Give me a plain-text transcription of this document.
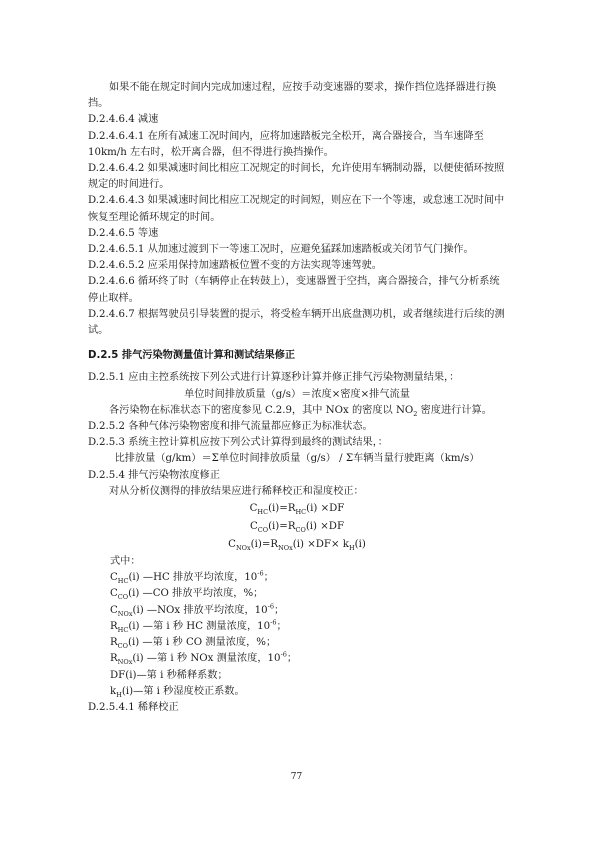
如果不能在规定时间内完成加速过程，应按手动变速器的要求，操作挡位选择器进行换挡。

D.2.4.6.4 减速

D.2.4.6.4.1 在所有减速工况时间内，应将加速踏板完全松开，离合器接合，当车速降至10km/h 左右时，松开离合器，但不得进行换挡操作。

D.2.4.6.4.2 如果减速时间比相应工况规定的时间长，允许使用车辆制动器，以便使循环按照规定的时间进行。

D.2.4.6.4.3 如果减速时间比相应工况规定的时间短，则应在下一个等速，或怠速工况时间中恢复至理论循环规定的时间。

D.2.4.6.5 等速

D.2.4.6.5.1 从加速过渡到下一等速工况时，应避免猛踩加速踏板或关闭节气门操作。

D.2.4.6.5.2 应采用保持加速踏板位置不变的方法实现等速驾驶。

D.2.4.6.6 循环终了时（车辆停止在转鼓上），变速器置于空挡，离合器接合，排气分析系统停止取样。

D.2.4.6.7 根据驾驶员引导装置的提示，将受检车辆开出底盘测功机，或者继续进行后续的测试。

D.2.5 排气污染物测量值计算和测试结果修正

D.2.5.1 应由主控系统按下列公式进行计算逐秒计算并修正排气污染物测量结果，：

单位时间排放质量（g/s）＝浓度×密度×排气流量

各污染物在标准状态下的密度参见 C.2.9，其中 NOx 的密度以 $NO_2$ 密度进行计算。

D.2.5.2 各种气体污染物密度和排气流量都应修正为标准状态。

D.2.5.3 系统主控计算机应按下列公式计算得到最终的测试结果，：

比排放量（g/km）＝Σ单位时间排放质量（g/s） / Σ车辆当量行驶距离（km/s）

D.2.5.4 排气污染物浓度修正

对从分析仪测得的排放结果应进行稀释校正和湿度校正：

$C_{HC}(i)=R_{HC}(i) \times DF$
$C_{CO}(i)=R_{CO}(i) \times DF$
$C_{NOx}(i)=R_{NOx}(i) \times DF\times k_H(i)$

式中：

$C_{HC}(i)$ —HC 排放平均浓度，$10^{-6}$；

$C_{CO}(i)$ —CO 排放平均浓度，%；

$C_{NOx}(i)$ —NOx 排放平均浓度，$10^{-6}$；

$R_{HC}(i)$ —第 i 秒 HC 测量浓度，$10^{-6}$；

$R_{CO}(i)$ —第 i 秒 CO 测量浓度，%；

$R_{NOx}(i)$ —第 i 秒 NOx 测量浓度，$10^{-6}$；

DF(i)—第 i 秒稀释系数；

$k_H(i)—$第 i 秒湿度校正系数。

D.2.5.4.1 稀释校正

77
